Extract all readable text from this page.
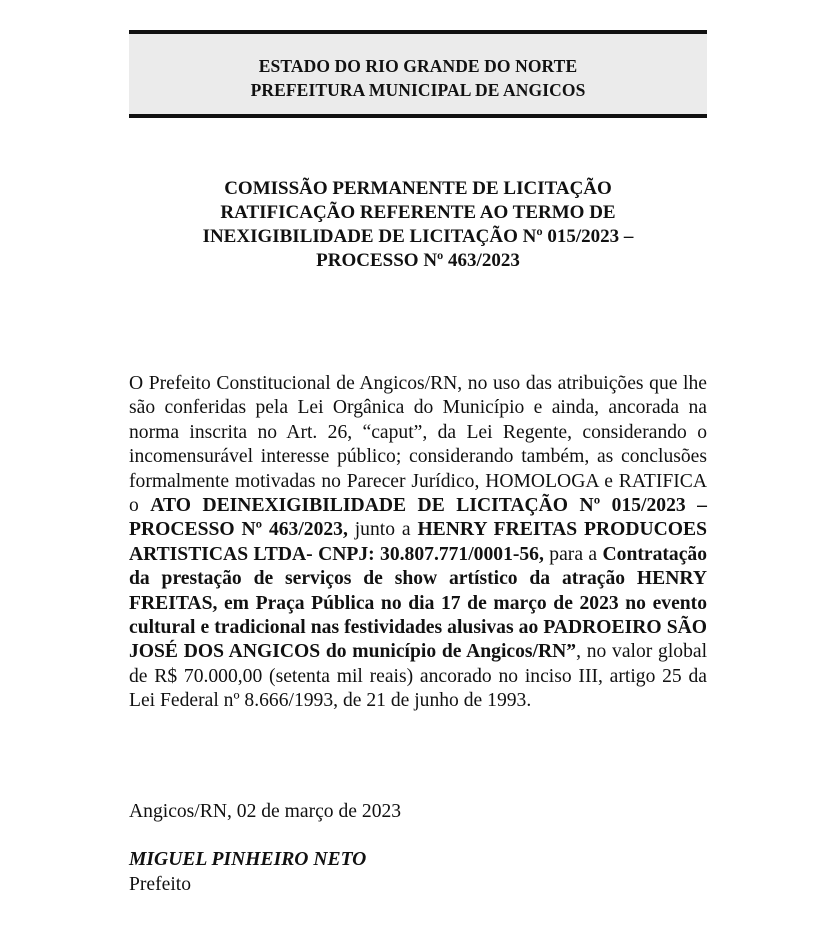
ESTADO DO RIO GRANDE DO NORTE
PREFEITURA MUNICIPAL DE ANGICOS
COMISSÃO PERMANENTE DE LICITAÇÃO
RATIFICAÇÃO REFERENTE AO TERMO DE
INEXIGIBILIDADE DE LICITAÇÃO Nº 015/2023 –
PROCESSO Nº 463/2023
O Prefeito Constitucional de Angicos/RN, no uso das atribuições que lhe são conferidas pela Lei Orgânica do Município e ainda, ancorada na norma inscrita no Art. 26, “caput”, da Lei Regente, considerando o incomensurável interesse público; considerando também, as conclusões formalmente motivadas no Parecer Jurídico, HOMOLOGA e RATIFICA o ATO DEINEXIGIBILIDADE DE LICITAÇÃO Nº 015/2023 – PROCESSO Nº 463/2023, junto a HENRY FREITAS PRODUCOES ARTISTICAS LTDA- CNPJ: 30.807.771/0001-56, para a Contratação da prestação de serviços de show artístico da atração HENRY FREITAS, em Praça Pública no dia 17 de março de 2023 no evento cultural e tradicional nas festividades alusivas ao PADROEIRO SÃO JOSÉ DOS ANGICOS do município de Angicos/RN”, no valor global de R$ 70.000,00 (setenta mil reais) ancorado no inciso III, artigo 25 da Lei Federal nº 8.666/1993, de 21 de junho de 1993.
Angicos/RN, 02 de março de 2023
MIGUEL PINHEIRO NETO
Prefeito
